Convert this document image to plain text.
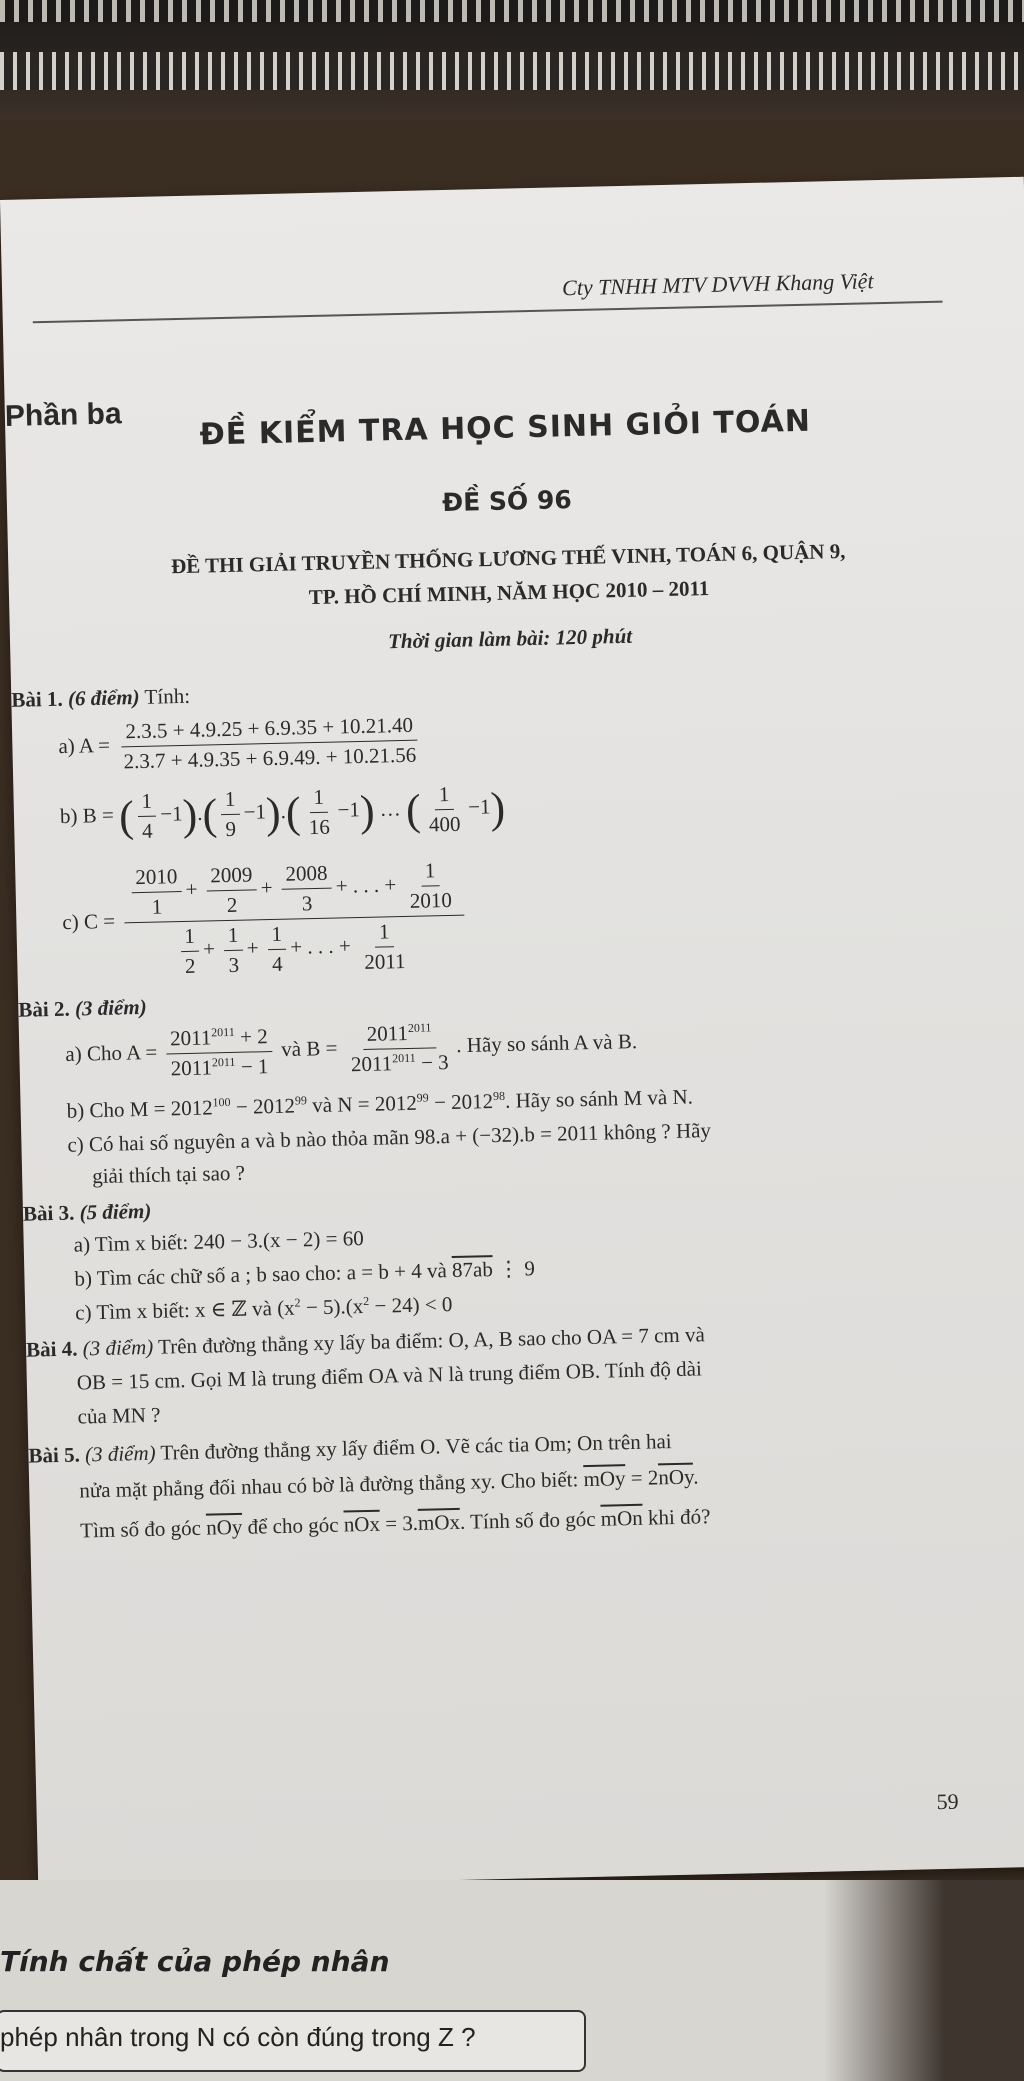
Cty TNHH MTV DVVH Khang Việt
Phần ba	ĐỀ KIỂM TRA HỌC SINH GIỎI TOÁN
ĐỀ SỐ 96
ĐỀ THI GIẢI TRUYỀN THỐNG LƯƠNG THẾ VINH, TOÁN 6, QUẬN 9,
TP. HỒ CHÍ MINH, NĂM HỌC 2010 – 2011
Thời gian làm bài: 120 phút
Bài 1. (6 điểm) Tính:
a) $A = \frac{2.3.5 + 4.9.25 + 6.9.35 + 10.21.40}{2.3.7 + 4.9.35 + 6.9.49. + 10.21.56}$
b) B = ( $\frac{1}{4} -1).( \frac{1}{9} -1).( \frac{1}{16} -1)$ … ( $\frac{1}{400} -1$)
c) $C = \frac{\frac{2010}{1} + \frac{2009}{2} + \frac{2008}{3} + . . . + \frac{1}{2010}}{\frac{1}{2} + \frac{1}{3} + \frac{1}{4} + . . . + \frac{1}{2011}}$
Bài 2. (3 điểm)
a) Cho $A = \frac{2011^{2011} + 2}{2011^{2011} - 1}$ và $B = \frac{2011^{2011}}{2011^{2011} - 3}$ . Hãy so sánh A và B.
b) Cho $M = 2012^{100} - 2012^{99}$ và $N = 2012^{99} - 2012^{98}$. Hãy so sánh M và N.
c) Có hai số nguyên a và b nào thỏa mãn 98.a + (−32).b = 2011 không ? Hãy
giải thích tại sao ?
Bài 3. (5 điểm)
a) Tìm x biết: 240 − 3.(x − 2) = 60
b) Tìm các chữ số a ; b sao cho: a = b + 4 và 87ab ⋮ 9
c) Tìm x biết: x ∈ ℤ và $(x^2 - 5).(x^2 - 24) < 0$
Bài 4. (3 điểm) Trên đường thẳng xy lấy ba điểm: O, A, B sao cho OA = 7 cm và
OB = 15 cm. Gọi M là trung điểm OA và N là trung điểm OB. Tính độ dài
của MN ?
Bài 5. (3 điểm) Trên đường thẳng xy lấy điểm O. Vẽ các tia Om; On trên hai
nửa mặt phẳng đối nhau có bờ là đường thẳng xy. Cho biết: $\overline{mOy} = 2\overline{nOy}$.
Tìm số đo góc $\overline{nOy}$ để cho góc $\overline{nOx} = 3.\overline{mOx}$. Tính số đo góc $\overline{mOn}$ khi đó?
59
Tính chất của phép nhân
phép nhân trong N có còn đúng trong Z ?
